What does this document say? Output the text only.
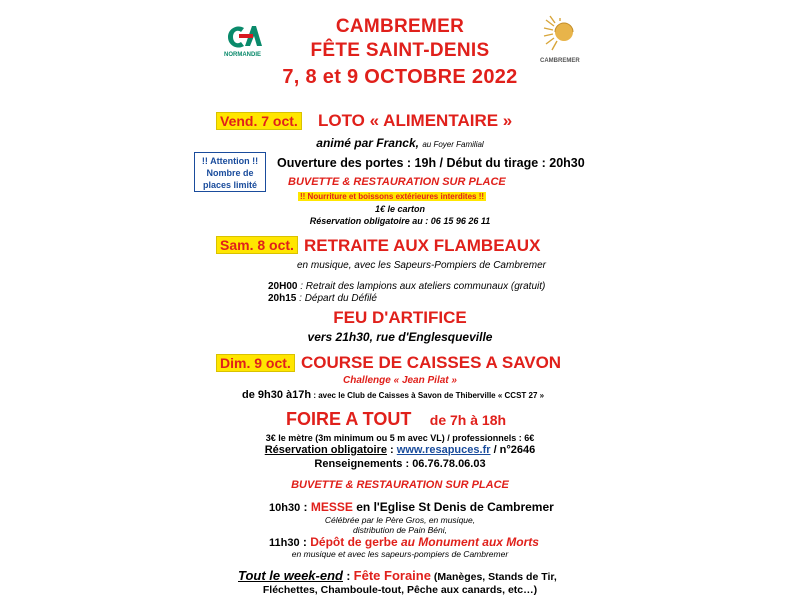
NORMANDIE
CAMBREMER
CAMBREMER
FÊTE SAINT-DENIS
7, 8 et 9 OCTOBRE 2022
Vend. 7 oct. LOTO « ALIMENTAIRE »
animé par Franck, au Foyer Familial
!! Attention !!
Nombre de
places limité
Ouverture des portes : 19h / Début du tirage : 20h30
BUVETTE & RESTAURATION SUR PLACE
!! Nourriture et boissons extérieures interdites !!
1€ le carton
Réservation obligatoire au : 06 15 96 26 11
Sam. 8 oct. RETRAITE AUX FLAMBEAUX
en musique, avec les Sapeurs-Pompiers de Cambremer
20H00 : Retrait des lampions aux ateliers communaux (gratuit)
20h15 : Départ du Défilé
FEU D'ARTIFICE
vers 21h30, rue d'Englesqueville
Dim. 9 oct. COURSE DE CAISSES A SAVON
Challenge « Jean Pilat »
de 9h30 à17h : avec le Club de Caisses à Savon de Thiberville « CCST 27 »
FOIRE A TOUT de 7h à 18h
3€ le mètre (3m minimum ou 5 m avec VL) / professionnels : 6€
Réservation obligatoire : www.resapuces.fr / n°2646
Renseignements : 06.76.78.06.03
BUVETTE & RESTAURATION SUR PLACE
10h30 : MESSE en l'Eglise St Denis de Cambremer
Célébrée par le Père Gros, en musique,
distribution de Pain Béni,
11h30 : Dépôt de gerbe au Monument aux Morts
en musique et avec les sapeurs-pompiers de Cambremer
Tout le week-end : Fête Foraine (Manèges, Stands de Tir,
Fléchettes, Chamboule-tout, Pêche aux canards, etc…)
